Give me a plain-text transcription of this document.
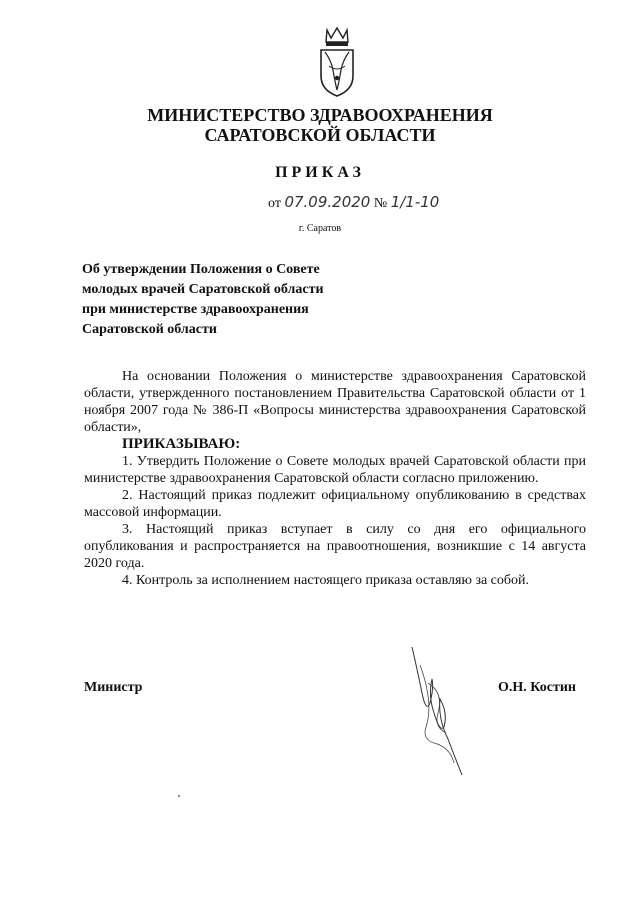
МИНИСТЕРСТВО ЗДРАВООХРАНЕНИЯ
САРАТОВСКОЙ ОБЛАСТИ
ПРИКАЗ
от 07.09.2020 № 1/1-10
г. Саратов
Об утверждении Положения о Совете
молодых врачей Саратовской области
при министерстве здравоохранения
Саратовской области

На основании Положения о министерстве здравоохранения Саратовской области, утвержденного постановлением Правительства Саратовской области от 1 ноября 2007 года № 386-П «Вопросы министерства здравоохранения Саратовской области»,

ПРИКАЗЫВАЮ:

1. Утвердить Положение о Совете молодых врачей Саратовской области при министерстве здравоохранения Саратовской области согласно приложению.

2. Настоящий приказ подлежит официальному опубликованию в средствах массовой информации.

3. Настоящий приказ вступает в силу со дня его официального опубликования и распространяется на правоотношения, возникшие с 14 августа 2020 года.

4. Контроль за исполнением настоящего приказа оставляю за собой.

Министр	О.Н. Костин
